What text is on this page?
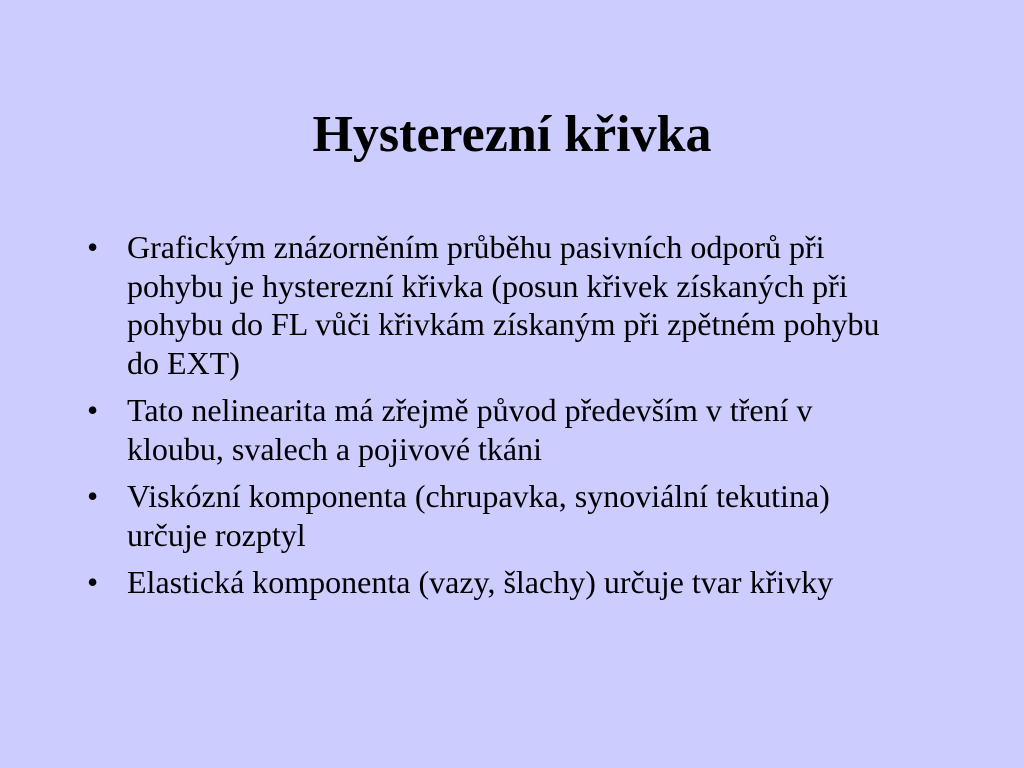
Hysterezní křivka
• Grafickým znázorněním průběhu pasivních odporů při pohybu je hysterezní křivka (posun křivek získaných při pohybu do FL vůči křivkám získaným při zpětném pohybu do EXT)
• Tato nelinearita má zřejmě původ především v tření v kloubu, svalech a pojivové tkáni
• Viskózní komponenta (chrupavka, synoviální tekutina) určuje rozptyl
• Elastická komponenta (vazy, šlachy) určuje tvar křivky
